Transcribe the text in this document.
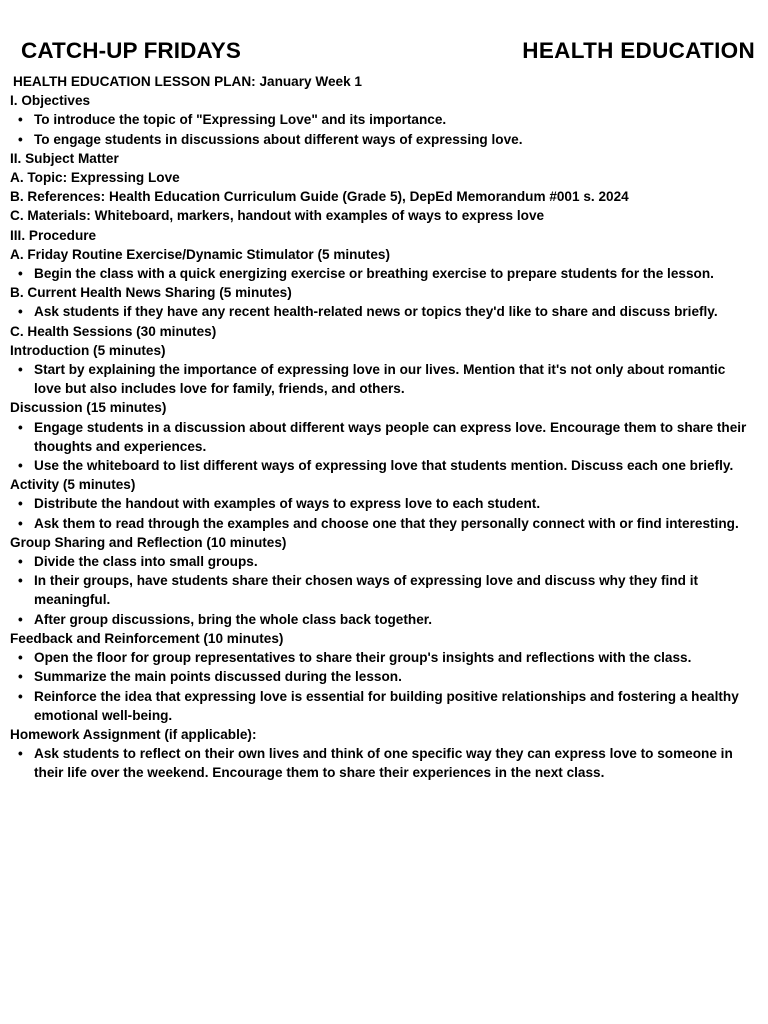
CATCH-UP FRIDAYS	HEALTH EDUCATION
HEALTH EDUCATION LESSON PLAN: January Week 1
I. Objectives
• To introduce the topic of "Expressing Love" and its importance.
• To engage students in discussions about different ways of expressing love.
II. Subject Matter
A. Topic: Expressing Love
B. References: Health Education Curriculum Guide (Grade 5), DepEd Memorandum #001 s. 2024
C. Materials: Whiteboard, markers, handout with examples of ways to express love
III. Procedure
A. Friday Routine Exercise/Dynamic Stimulator (5 minutes)
• Begin the class with a quick energizing exercise or breathing exercise to prepare students for the lesson.
B. Current Health News Sharing (5 minutes)
• Ask students if they have any recent health-related news or topics they'd like to share and discuss briefly.
C. Health Sessions (30 minutes)
Introduction (5 minutes)
• Start by explaining the importance of expressing love in our lives. Mention that it's not only about romantic love but also includes love for family, friends, and others.
Discussion (15 minutes)
• Engage students in a discussion about different ways people can express love. Encourage them to share their thoughts and experiences.
• Use the whiteboard to list different ways of expressing love that students mention. Discuss each one briefly.
Activity (5 minutes)
• Distribute the handout with examples of ways to express love to each student.
• Ask them to read through the examples and choose one that they personally connect with or find interesting.
Group Sharing and Reflection (10 minutes)
• Divide the class into small groups.
• In their groups, have students share their chosen ways of expressing love and discuss why they find it meaningful.
• After group discussions, bring the whole class back together.
Feedback and Reinforcement (10 minutes)
• Open the floor for group representatives to share their group's insights and reflections with the class.
• Summarize the main points discussed during the lesson.
• Reinforce the idea that expressing love is essential for building positive relationships and fostering a healthy emotional well-being.
Homework Assignment (if applicable):
• Ask students to reflect on their own lives and think of one specific way they can express love to someone in their life over the weekend. Encourage them to share their experiences in the next class.
